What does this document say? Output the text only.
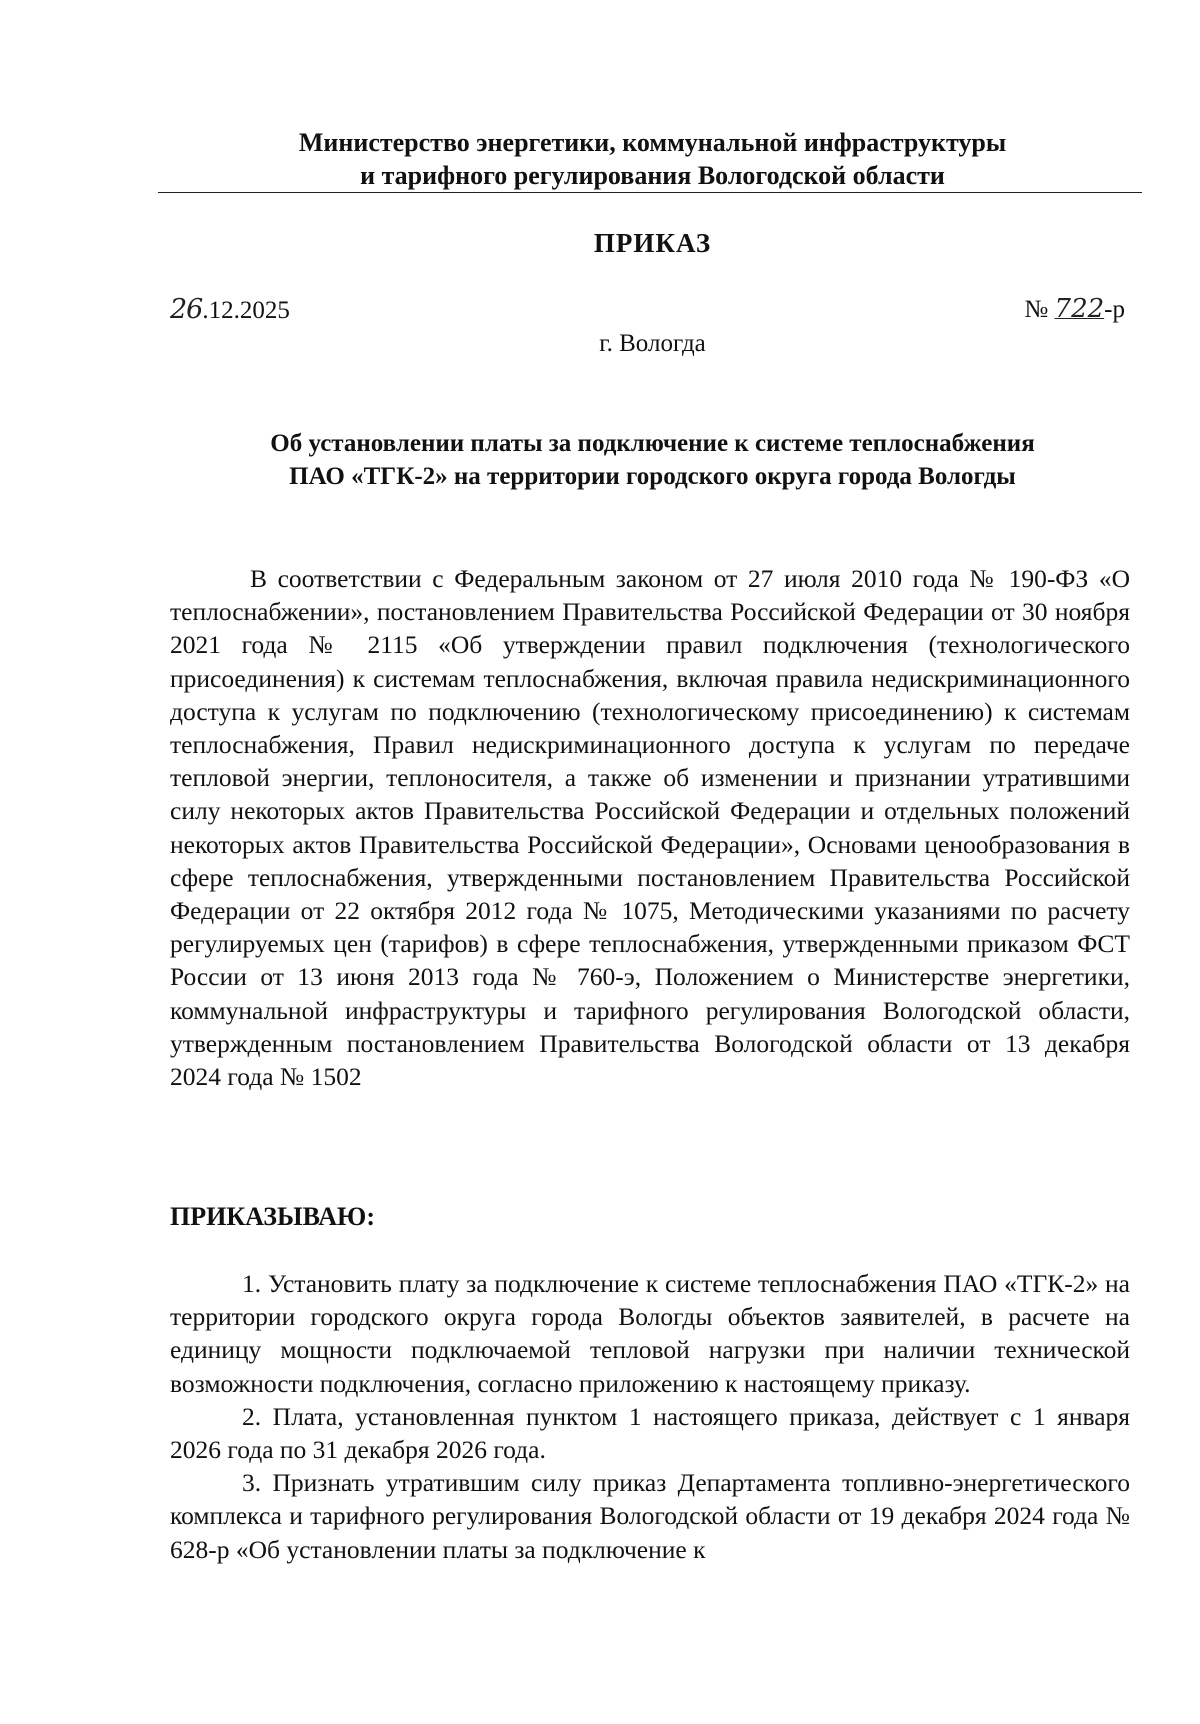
Министерство энергетики, коммунальной инфраструктуры
и тарифного регулирования Вологодской области
ПРИКАЗ
26.12.2025	№ 722-р
г. Вологда
Об установлении платы за подключение к системе теплоснабжения
ПАО «ТГК-2» на территории городского округа города Вологды
В соответствии с Федеральным законом от 27 июля 2010 года № 190-ФЗ «О теплоснабжении», постановлением Правительства Российской Федерации от 30 ноября 2021 года № 2115 «Об утверждении правил подключения (технологического присоединения) к системам теплоснабжения, включая правила недискриминационного доступа к услугам по подключению (технологическому присоединению) к системам теплоснабжения, Правил недискриминационного доступа к услугам по передаче тепловой энергии, теплоносителя, а также об изменении и признании утратившими силу некоторых актов Правительства Российской Федерации и отдельных положений некоторых актов Правительства Российской Федерации», Основами ценообразования в сфере теплоснабжения, утвержденными постановлением Правительства Российской Федерации от 22 октября 2012 года № 1075, Методическими указаниями по расчету регулируемых цен (тарифов) в сфере теплоснабжения, утвержденными приказом ФСТ России от 13 июня 2013 года № 760-э, Положением о Министерстве энергетики, коммунальной инфраструктуры и тарифного регулирования Вологодской области, утвержденным постановлением Правительства Вологодской области от 13 декабря 2024 года № 1502
ПРИКАЗЫВАЮ:

1. Установить плату за подключение к системе теплоснабжения ПАО «ТГК-2» на территории городского округа города Вологды объектов заявителей, в расчете на единицу мощности подключаемой тепловой нагрузки при наличии технической возможности подключения, согласно приложению к настоящему приказу.

2. Плата, установленная пунктом 1 настоящего приказа, действует с 1 января 2026 года по 31 декабря 2026 года.

3. Признать утратившим силу приказ Департамента топливно-энергетического комплекса и тарифного регулирования Вологодской области от 19 декабря 2024 года № 628-р «Об установлении платы за подключение к
